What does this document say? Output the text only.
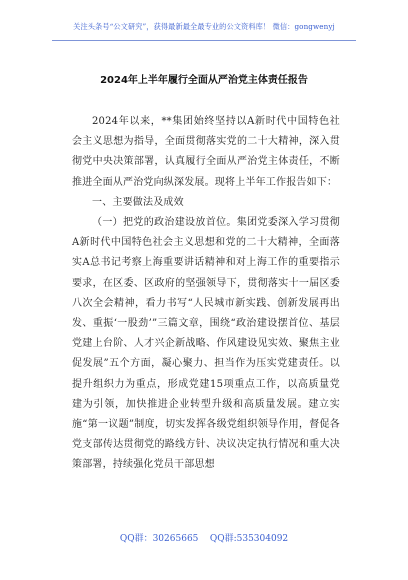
关注头条号“公文研究”，获得最新最全最专业的公文资料库！ 微信：gongwenyj
2024年上半年履行全面从严治党主体责任报告

2024年以来，**集团始终坚持以A新时代中国特色社会主义思想为指导，全面贯彻落实党的二十大精神，深入贯彻党中央决策部署，认真履行全面从严治党主体责任，不断推进全面从严治党向纵深发展。现将上半年工作报告如下：

一、主要做法及成效

（一）把党的政治建设放首位。集团党委深入学习贯彻A新时代中国特色社会主义思想和党的二十大精神，全面落实A总书记考察上海重要讲话精神和对上海工作的重要指示要求，在区委、区政府的坚强领导下，贯彻落实十一届区委八次全会精神，看力书写“人民城市新实践、创新发展再出发、重振‘一股劲’”三篇文章，围绕“政治建设摆首位、基层党建上台阶、人才兴企新战略、作风建设见实效、聚焦主业促发展”五个方面，凝心聚力、担当作为压实党建责任。以提升组织力为重点，形成党建15项重点工作，以高质量党建为引领，加快推进企业转型升级和高质量发展。建立实施“第一议题”制度，切实发挥各级党组织领导作用，督促各党支部传达贯彻党的路线方针、决议决定执行情况和重大决策部署，持续强化党员干部思想

QQ群：30265665    QQ群:535304092
